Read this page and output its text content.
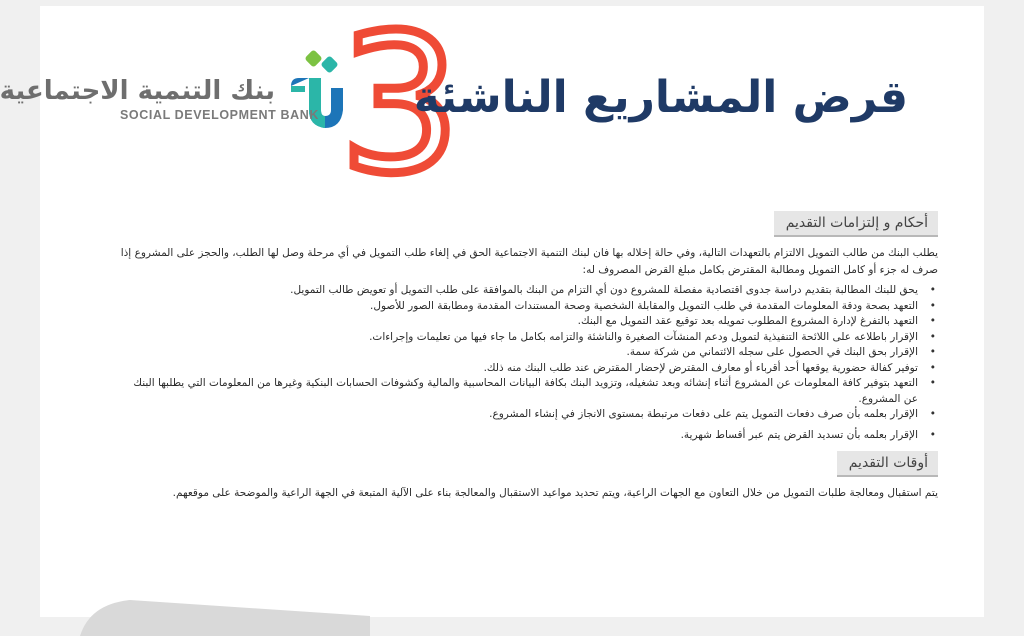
بنك التنمية الاجتماعية
SOCIAL DEVELOPMENT BANK 3
قرض المشاريع الناشئة
أحكام و إلتزامات التقديم

يطلب البنك من طالب التمويل الالتزام بالتعهدات التالية، وفي حالة إخلاله بها فان لبنك التنمية الاجتماعية الحق في إلغاء طلب التمويل في أي مرحلة وصل لها الطلب، والحجز على المشروع إذا صرف له جزء أو كامل التمويل ومطالبة المقترض بكامل مبلغ القرض المصروف له:

• يحق للبنك المطالبة بتقديم دراسة جدوى اقتصادية مفصلة للمشروع دون أي التزام من البنك بالموافقة على طلب التمويل أو تعويض طالب التمويل.
• التعهد بصحة ودقة المعلومات المقدمة في طلب التمويل والمقابلة الشخصية وصحة المستندات المقدمة ومطابقة الصور للأصول.
• التعهد بالتفرغ لإدارة المشروع المطلوب تمويله بعد توقيع عقد التمويل مع البنك.
• الإقرار باطلاعه على اللائحة التنفيذية لتمويل ودعم المنشآت الصغيرة والناشئة والتزامه بكامل ما جاء فيها من تعليمات وإجراءات.
• الإقرار بحق البنك في الحصول على سجله الائتماني من شركة سمة.
• توفير كفالة حضورية يوقعها أحد أقرباء أو معارف المقترض لإحضار المقترض عند طلب البنك منه ذلك.
• التعهد بتوفير كافة المعلومات عن المشروع أثناء إنشائه وبعد تشغيله، وتزويد البنك بكافة البيانات المحاسبية والمالية وكشوفات الحسابات البنكية وغيرها من المعلومات التي يطلبها البنك عن المشروع.
• الإقرار بعلمه بأن صرف دفعات التمويل يتم على دفعات مرتبطة بمستوى الانجاز في إنشاء المشروع.
• الإقرار بعلمه بأن تسديد القرض يتم عبر أقساط شهرية.
أوقات التقديم

يتم استقبال ومعالجة طلبات التمويل من خلال التعاون مع الجهات الراعية، ويتم تحديد مواعيد الاستقبال والمعالجة بناء على الآلية المتبعة في الجهة الراعية والموضحة على موقعهم.
